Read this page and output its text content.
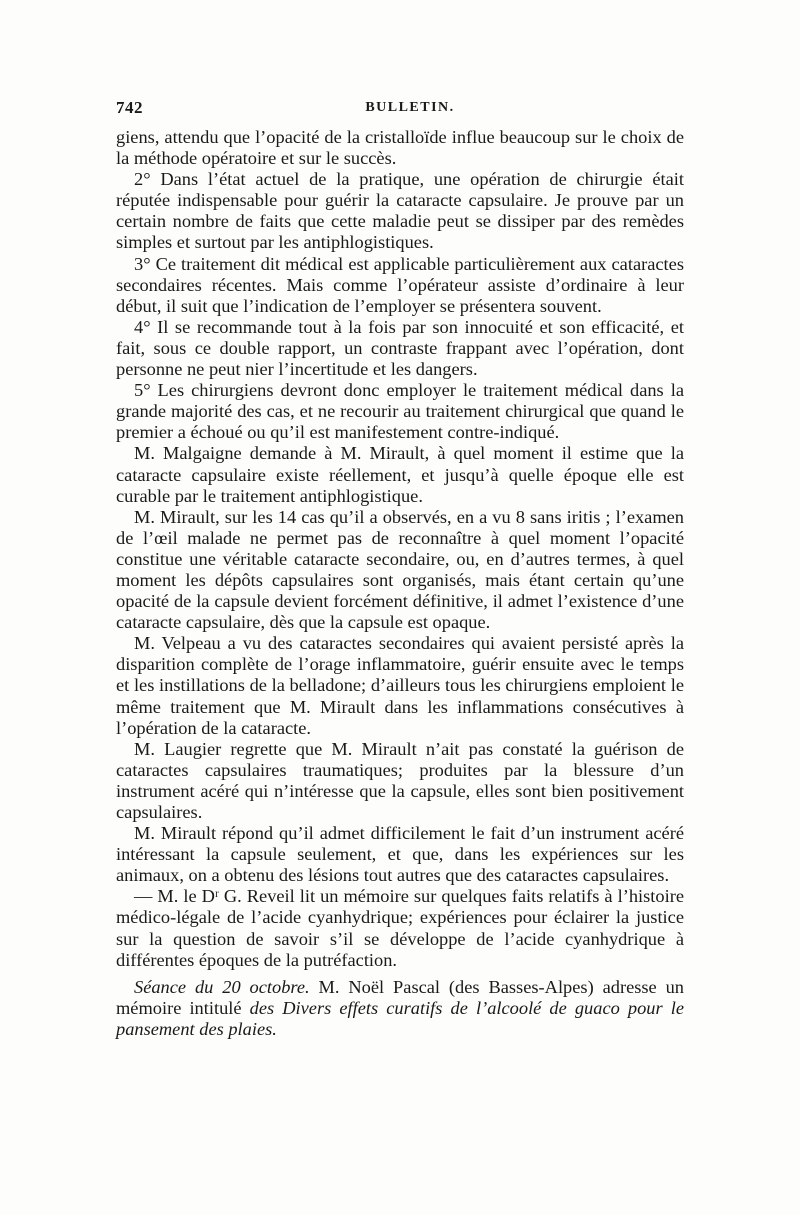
742	BULLETIN.

giens, attendu que l’opacité de la cristalloïde influe beaucoup sur le choix de la méthode opératoire et sur le succès.

2° Dans l’état actuel de la pratique, une opération de chirurgie était réputée indispensable pour guérir la cataracte capsulaire. Je prouve par un certain nombre de faits que cette maladie peut se dissiper par des remèdes simples et surtout par les antiphlogistiques.

3° Ce traitement dit médical est applicable particulièrement aux cataractes secondaires récentes. Mais comme l’opérateur assiste d’ordinaire à leur début, il suit que l’indication de l’employer se présentera souvent.

4° Il se recommande tout à la fois par son innocuité et son efficacité, et fait, sous ce double rapport, un contraste frappant avec l’opération, dont personne ne peut nier l’incertitude et les dangers.

5° Les chirurgiens devront donc employer le traitement médical dans la grande majorité des cas, et ne recourir au traitement chirurgical que quand le premier a échoué ou qu’il est manifestement contre-indiqué.

M. Malgaigne demande à M. Mirault, à quel moment il estime que la cataracte capsulaire existe réellement, et jusqu’à quelle époque elle est curable par le traitement antiphlogistique.

M. Mirault, sur les 14 cas qu’il a observés, en a vu 8 sans iritis ; l’examen de l’œil malade ne permet pas de reconnaître à quel moment l’opacité constitue une véritable cataracte secondaire, ou, en d’autres termes, à quel moment les dépôts capsulaires sont organisés, mais étant certain qu’une opacité de la capsule devient forcément définitive, il admet l’existence d’une cataracte capsulaire, dès que la capsule est opaque.

M. Velpeau a vu des cataractes secondaires qui avaient persisté après la disparition complète de l’orage inflammatoire, guérir ensuite avec le temps et les instillations de la belladone; d’ailleurs tous les chirurgiens emploient le même traitement que M. Mirault dans les inflammations consécutives à l’opération de la cataracte.

M. Laugier regrette que M. Mirault n’ait pas constaté la guérison de cataractes capsulaires traumatiques; produites par la blessure d’un instrument acéré qui n’intéresse que la capsule, elles sont bien positivement capsulaires.

M. Mirault répond qu’il admet difficilement le fait d’un instrument acéré intéressant la capsule seulement, et que, dans les expériences sur les animaux, on a obtenu des lésions tout autres que des cataractes capsulaires.

— M. le Dʳ G. Reveil lit un mémoire sur quelques faits relatifs à l’histoire médico-légale de l’acide cyanhydrique; expériences pour éclairer la justice sur la question de savoir s’il se développe de l’acide cyanhydrique à différentes époques de la putréfaction.

Séance du 20 octobre. M. Noël Pascal (des Basses-Alpes) adresse un mémoire intitulé des Divers effets curatifs de l’alcoolé de guaco pour le pansement des plaies.
